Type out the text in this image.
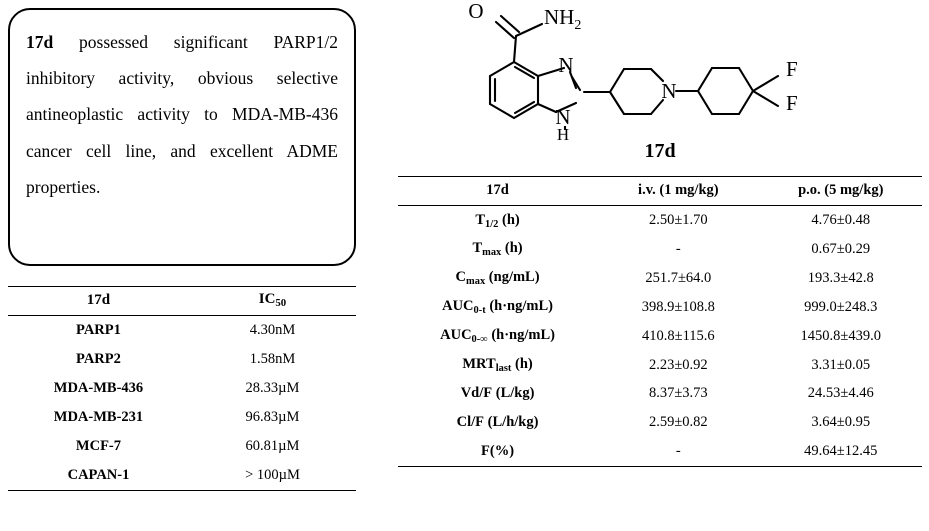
17d possessed significant PARP1/2 inhibitory activity, obvious selective antineoplastic activity to MDA-MB-436 cancer cell line, and excellent ADME properties.

17d	$IC_{50}$
PARP1	4.30nM
PARP2	1.58nM
MDA-MB-436	28.33µM
MDA-MB-231	96.83µM
MCF-7	60.81µM
CAPAN-1	> 100µM
O	$NH_2$
N
N
H
N
F
F
17d
17d	i.v. (1 mg/kg)	p.o. (5 mg/kg)
$T_{1/2}$ (h)	2.50±1.70	4.76±0.48
$T_{max}$ (h)	-	0.67±0.29
$C_{max}$ (ng/mL)	251.7±64.0	193.3±42.8
$AUC_{0-t}$ (h·ng/mL)	398.9±108.8	999.0±248.3
$AUC_{0-\infty}$ (h·ng/mL)	410.8±115.6	1450.8±439.0
$MRT_{last}$ (h)	2.23±0.92	3.31±0.05
Vd/F (L/kg)	8.37±3.73	24.53±4.46
Cl/F (L/h/kg)	2.59±0.82	3.64±0.95
F(%)	-	49.64±12.45
